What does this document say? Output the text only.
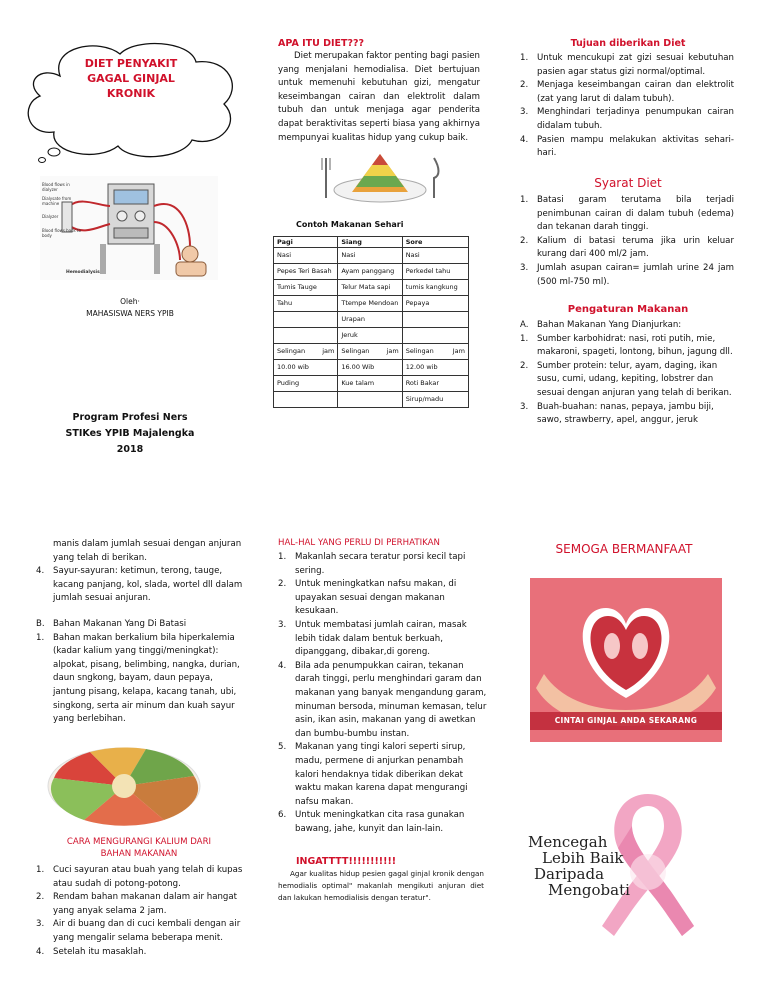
DIET PENYAKIT
GAGAL GINJAL
KRONIK
Blood flows in dialyzer
Dialysate from machine
Dialyzer
Blood flows back to body
Hemodialysis
Oleh·
MAHASISWA NERS YPIB
Program Profesi Ners
STIKes YPIB Majalengka
2018
APA ITU DIET???

Diet merupakan faktor penting bagi pasien yang menjalani hemodialisa. Diet bertujuan untuk memenuhi kebutuhan gizi, mengatur keseimbangan cairan dan elektrolit dalam tubuh dan untuk menjaga agar penderita dapat beraktivitas seperti biasa yang akhirnya mempunyai kualitas hidup yang cukup baik.

Contoh Makanan Sehari
Pagi	Siang	Sore
Nasi	Nasi	Nasi
Pepes Teri Basah	Ayam panggang	Perkedel tahu
Tumis Tauge	Telur Mata sapi	tumis kangkung
Tahu	Ttempe Mendoan	Pepaya
	Urapan	
	Jeruk	
Selingan jam	Selingan jam	Selingan Jam
10.00 wib	16.00 Wib	12.00 wib
Puding	Kue talam	Roti Bakar
		Sirup/madu
Tujuan diberikan Diet
1. Untuk mencukupi zat gizi sesuai kebutuhan pasien agar status gizi normal/optimal.
2. Menjaga keseimbangan cairan dan elektrolit (zat yang larut di dalam tubuh).
3. Menghindari terjadinya penumpukan cairan didalam tubuh.
4. Pasien mampu melakukan aktivitas sehari-hari.
Syarat Diet
1. Batasi garam terutama bila terjadi penimbunan cairan di dalam tubuh (edema) dan tekanan darah tinggi.
2. Kalium di batasi teruma jika urin keluar kurang dari 400 ml/2 jam.
3. Jumlah asupan cairan= jumlah urine 24 jam (500 ml-750 ml).
Pengaturan Makanan
A. Bahan Makanan Yang Dianjurkan:
1. Sumber karbohidrat: nasi, roti putih, mie, makaroni, spageti, lontong, bihun, jagung dll.
2. Sumber protein: telur, ayam, daging, ikan susu, cumi, udang, kepiting, lobstrer dan sesuai dengan anjuran yang telah di berikan.
3. Buah-buahan: nanas, pepaya, jambu biji, sawo, strawberry, apel, anggur, jeruk
manis dalam jumlah sesuai dengan anjuran yang telah di berikan.
4. Sayur-sayuran: ketimun, terong, tauge, kacang panjang, kol, slada, wortel dll dalam jumlah sesuai anjuran.
B. Bahan Makanan Yang Di Batasi
1. Bahan makan berkalium bila hiperkalemia (kadar kalium yang tinggi/meningkat): alpokat, pisang, belimbing, nangka, durian, daun sngkong, bayam, daun pepaya, jantung pisang, kelapa, kacang tanah, ubi, singkong, serta air minum dan kuah sayur yang berlebihan.
CARA MENGURANGI KALIUM DARI
BAHAN MAKANAN
1. Cuci sayuran atau buah yang telah di kupas atau sudah di potong-potong.
2. Rendam bahan makanan dalam air hangat yang anyak selama 2 jam.
3. Air di buang dan di cuci kembali dengan air yang mengalir selama beberapa menit.
4. Setelah itu masaklah.
HAL-HAL YANG PERLU DI PERHATIKAN
1. Makanlah secara teratur porsi kecil tapi sering.
2. Untuk meningkatkan nafsu makan, di upayakan sesuai dengan makanan kesukaan.
3. Untuk membatasi jumlah cairan, masak lebih tidak dalam bentuk berkuah, dipanggang, dibakar,di goreng.
4. Bila ada penumpukkan cairan, tekanan darah tinggi, perlu menghindari garam dan makanan yang banyak mengandung garam, minuman bersoda, minuman kemasan, telur asin, ikan asin, makanan yang di awetkan dan bumbu-bumbu instan.
5. Makanan yang tingi kalori seperti sirup, madu, permene di anjurkan penambah kalori hendaknya tidak diberikan dekat waktu makan karena dapat mengurangi nafsu makan.
6. Untuk meningkatkan cita rasa gunakan bawang, jahe, kunyit dan lain-lain.
INGATTTT!!!!!!!!!!!

Agar kualitas hidup pesien gagal ginjal kronik dengan hemodialis optimal" makanlah mengikuti anjuran diet dan lakukan hemodialisis dengan teratur".

SEMOGA BERMANFAAT
CINTAI GINJAL ANDA SEKARANG
Mencegah
Lebih Baik
Daripada
Mengobati
